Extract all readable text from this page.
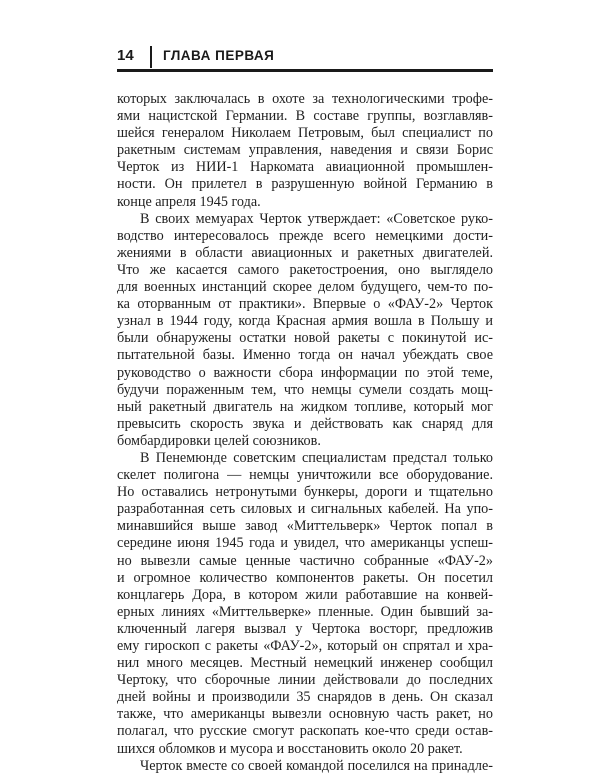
14 ГЛАВА ПЕРВАЯ

которых заключалась в охоте за технологическими трофе-

ями нацистской Германии. В составе группы, возглавляв-

шейся генералом Николаем Петровым, был специалист по

ракетным системам управления, наведения и связи Борис

Черток из НИИ-1 Наркомата авиационной промышлен-

ности. Он прилетел в разрушенную войной Германию в

конце апреля 1945 года.

В своих мемуарах Черток утверждает: «Советское руко-

водство интересовалось прежде всего немецкими дости-

жениями в области авиационных и ракетных двигателей.

Что же касается самого ракетостроения, оно выглядело

для военных инстанций скорее делом будущего, чем-то по-

ка оторванным от практики». Впервые о «ФАУ-2» Черток

узнал в 1944 году, когда Красная армия вошла в Польшу и

были обнаружены остатки новой ракеты с покинутой ис-

пытательной базы. Именно тогда он начал убеждать свое

руководство о важности сбора информации по этой теме,

будучи пораженным тем, что немцы сумели создать мощ-

ный ракетный двигатель на жидком топливе, который мог

превысить скорость звука и действовать как снаряд для

бомбардировки целей союзников.

В Пенемюнде советским специалистам предстал только

скелет полигона — немцы уничтожили все оборудование.

Но оставались нетронутыми бункеры, дороги и тщательно

разработанная сеть силовых и сигнальных кабелей. На упо-

минавшийся выше завод «Миттельверк» Черток попал в

середине июня 1945 года и увидел, что американцы успеш-

но вывезли самые ценные частично собранные «ФАУ-2»

и огромное количество компонентов ракеты. Он посетил

концлагерь Дора, в котором жили работавшие на конвей-

ерных линиях «Миттельверке» пленные. Один бывший за-

ключенный лагеря вызвал у Чертока восторг, предложив

ему гироскоп с ракеты «ФАУ-2», который он спрятал и хра-

нил много месяцев. Местный немецкий инженер сообщил

Чертоку, что сборочные линии действовали до последних

дней войны и производили 35 снарядов в день. Он сказал

также, что американцы вывезли основную часть ракет, но

полагал, что русские смогут раскопать кое-что среди остав-

шихся обломков и мусора и восстановить около 20 ракет.

Черток вместе со своей командой поселился на принадле-
